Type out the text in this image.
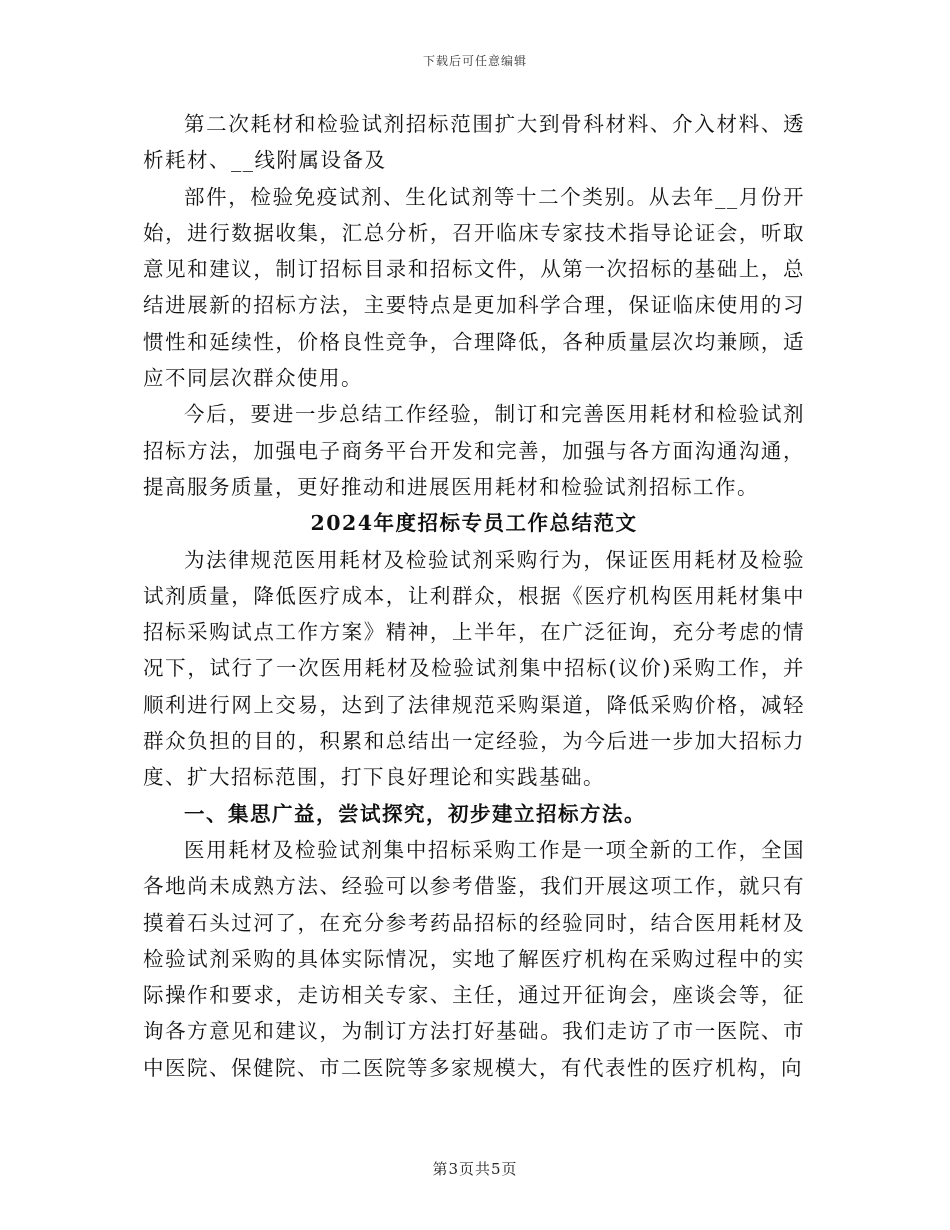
下载后可任意编辑

第二次耗材和检验试剂招标范围扩大到骨科材料、介入材料、透析耗材、__线附属设备及

部件，检验免疫试剂、生化试剂等十二个类别。从去年__月份开始，进行数据收集，汇总分析，召开临床专家技术指导论证会，听取意见和建议，制订招标目录和招标文件，从第一次招标的基础上，总结进展新的招标方法，主要特点是更加科学合理，保证临床使用的习惯性和延续性，价格良性竞争，合理降低，各种质量层次均兼顾，适应不同层次群众使用。

今后，要进一步总结工作经验，制订和完善医用耗材和检验试剂招标方法，加强电子商务平台开发和完善，加强与各方面沟通沟通，提高服务质量，更好推动和进展医用耗材和检验试剂招标工作。

2024年度招标专员工作总结范文

为法律规范医用耗材及检验试剂采购行为，保证医用耗材及检验试剂质量，降低医疗成本，让利群众，根据《医疗机构医用耗材集中招标采购试点工作方案》精神，上半年，在广泛征询，充分考虑的情况下，试行了一次医用耗材及检验试剂集中招标(议价)采购工作，并顺利进行网上交易，达到了法律规范采购渠道，降低采购价格，减轻群众负担的目的，积累和总结出一定经验，为今后进一步加大招标力度、扩大招标范围，打下良好理论和实践基础。

一、集思广益，尝试探究，初步建立招标方法。

医用耗材及检验试剂集中招标采购工作是一项全新的工作，全国各地尚未成熟方法、经验可以参考借鉴，我们开展这项工作，就只有摸着石头过河了，在充分参考药品招标的经验同时，结合医用耗材及检验试剂采购的具体实际情况，实地了解医疗机构在采购过程中的实际操作和要求，走访相关专家、主任，通过开征询会，座谈会等，征询各方意见和建议，为制订方法打好基础。我们走访了市一医院、市中医院、保健院、市二医院等多家规模大，有代表性的医疗机构，向

第3页共5页
